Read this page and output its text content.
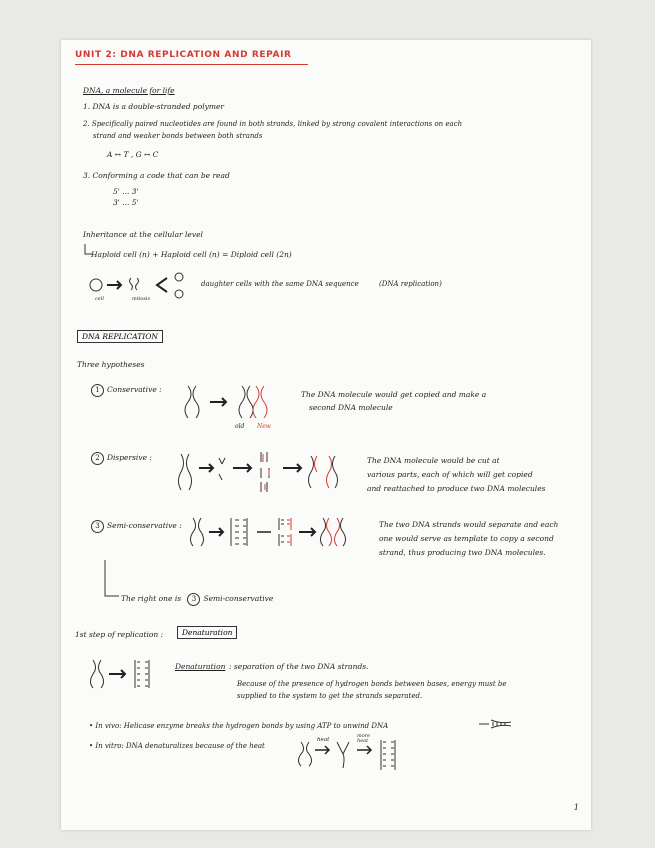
UNIT 2: DNA REPLICATION AND REPAIR
DNA, a molecule for life
1. DNA is a double-stranded polymer
2. Specifically paired nucleotides are found in both strands, linked by strong covalent interactions on each
strand and weaker bonds between both strands
A ↔ T , G ↔ C
3. Conforming a code that can be read
5' ... 3'
3' ... 5'
Inheritance at the cellular level
Haploid cell (n) + Haploid cell (n) = Diploid cell (2n)
cell	mitosis
daughter cells with the same DNA sequence	(DNA replication)
DNA REPLICATION
Three hypotheses
1 Conservative :
old New
The DNA molecule would get copied and make a
second DNA molecule
2 Dispersive :	The DNA molecule would be cut at
various parts, each of which will get copied
and reattached to produce two DNA molecules
3 Semi-conservative :	The two DNA strands would separate and each
one would serve as template to copy a second
strand, thus producing two DNA molecules.
The right one is 3 Semi-conservative
1st step of replication :	Denaturation
Denaturation : separation of the two DNA strands.
Because of the presence of hydrogen bonds between bases, energy must be
supplied to the system to get the strands separated.
• In vivo: Helicase enzyme breaks the hydrogen bonds by using ATP to unwind DNA
• In vitro: DNA denaturalizes because of the heat
heat
more heat
1
